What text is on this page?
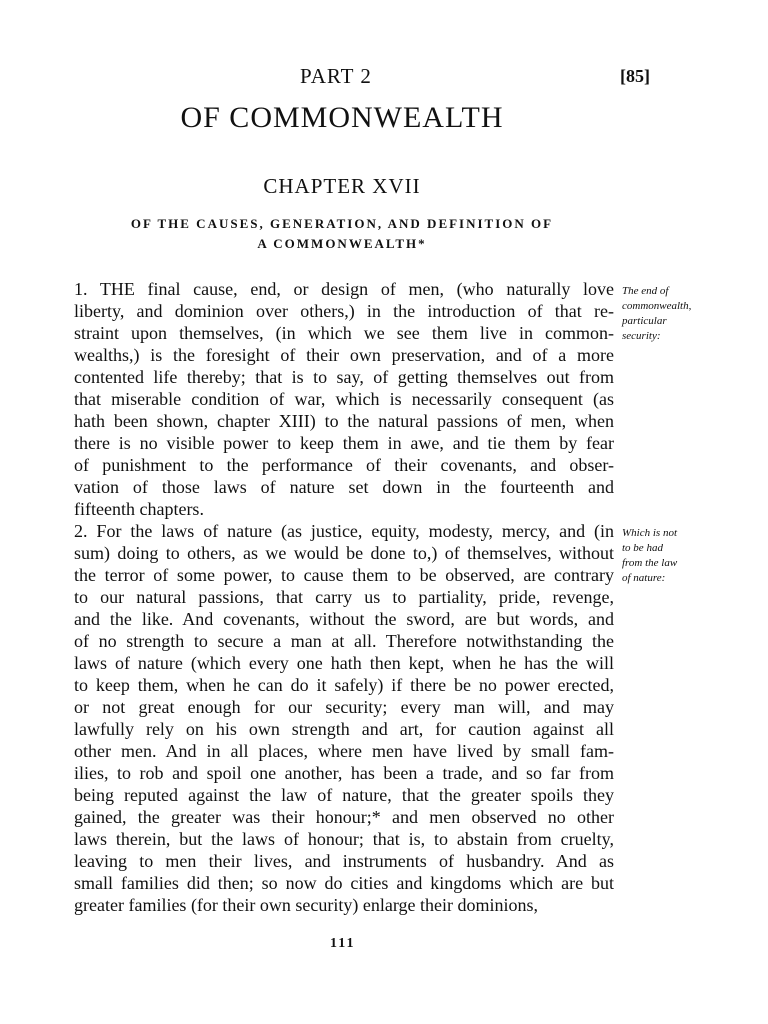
PART 2	[85]
OF COMMONWEALTH
CHAPTER XVII
OF THE CAUSES, GENERATION, AND DEFINITION OF
A COMMONWEALTH*
1. THE final cause, end, or design of men, (who naturally love
liberty, and dominion over others,) in the introduction of that re-
straint upon themselves, (in which we see them live in common-
wealths,) is the foresight of their own preservation, and of a more
contented life thereby; that is to say, of getting themselves out from
that miserable condition of war, which is necessarily consequent (as
hath been shown, chapter XIII) to the natural passions of men, when
there is no visible power to keep them in awe, and tie them by fear
of punishment to the performance of their covenants, and obser-
vation of those laws of nature set down in the fourteenth and
fifteenth chapters.
2. For the laws of nature (as justice, equity, modesty, mercy, and (in
sum) doing to others, as we would be done to,) of themselves, without
the terror of some power, to cause them to be observed, are contrary
to our natural passions, that carry us to partiality, pride, revenge,
and the like. And covenants, without the sword, are but words, and
of no strength to secure a man at all. Therefore notwithstanding the
laws of nature (which every one hath then kept, when he has the will
to keep them, when he can do it safely) if there be no power erected,
or not great enough for our security; every man will, and may
lawfully rely on his own strength and art, for caution against all
other men. And in all places, where men have lived by small fam-
ilies, to rob and spoil one another, has been a trade, and so far from
being reputed against the law of nature, that the greater spoils they
gained, the greater was their honour;* and men observed no other
laws therein, but the laws of honour; that is, to abstain from cruelty,
leaving to men their lives, and instruments of husbandry. And as
small families did then; so now do cities and kingdoms which are but
greater families (for their own security) enlarge their dominions,
The end of
commonwealth,
particular
security:
Which is not
to be had
from the law
of nature:
111
